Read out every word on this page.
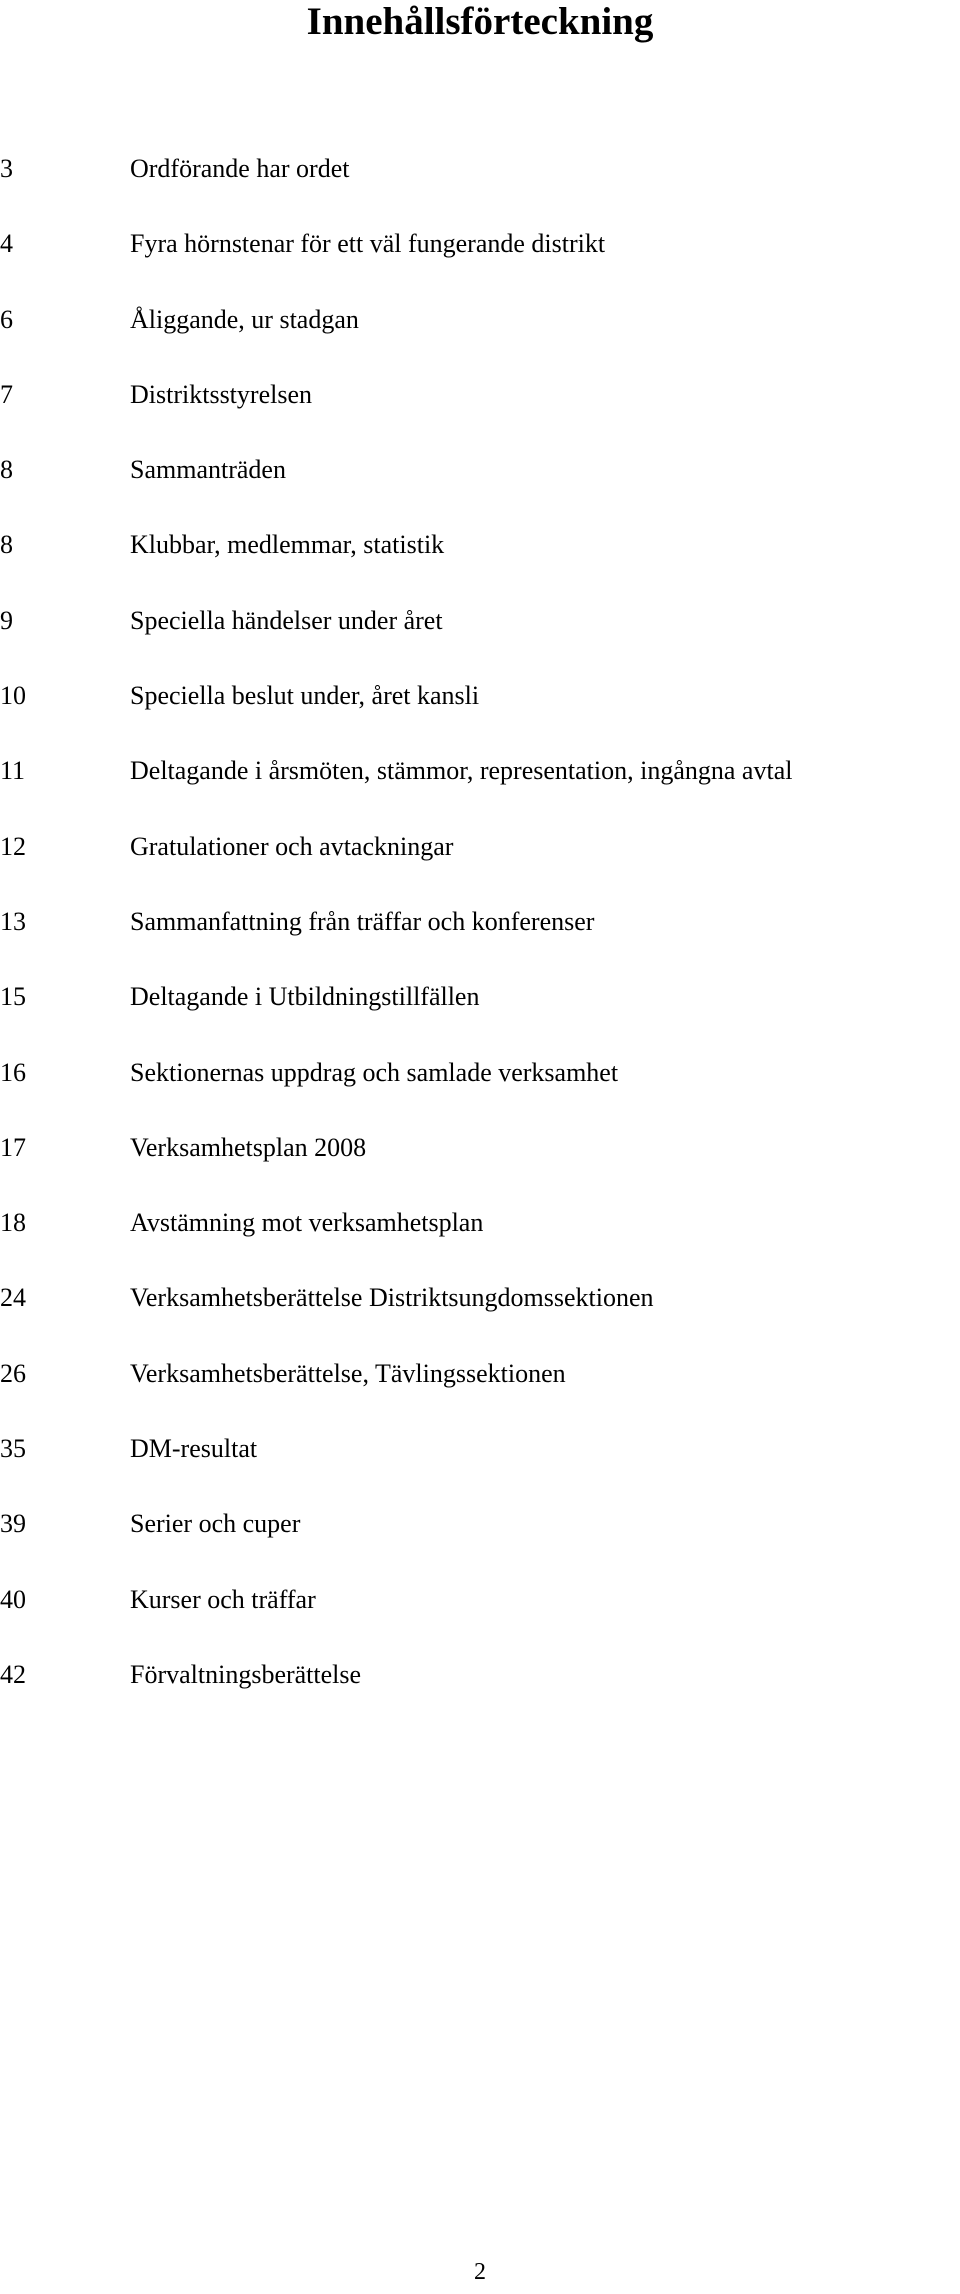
Innehållsförteckning
3	Ordförande har ordet
4	Fyra hörnstenar för ett väl fungerande distrikt
6	Åliggande, ur stadgan
7	Distriktsstyrelsen
8	Sammanträden
8	Klubbar, medlemmar, statistik
9	Speciella händelser under året
10	Speciella beslut under, året kansli
11	Deltagande i årsmöten, stämmor, representation, ingångna avtal
12	Gratulationer och avtackningar
13	Sammanfattning från träffar och konferenser
15	Deltagande i Utbildningstillfällen
16	Sektionernas uppdrag och samlade verksamhet
17	Verksamhetsplan 2008
18	Avstämning mot verksamhetsplan
24	Verksamhetsberättelse Distriktsungdomssektionen
26	Verksamhetsberättelse, Tävlingssektionen
35	DM-resultat
39	Serier och cuper
40	Kurser och träffar
42	Förvaltningsberättelse
2
